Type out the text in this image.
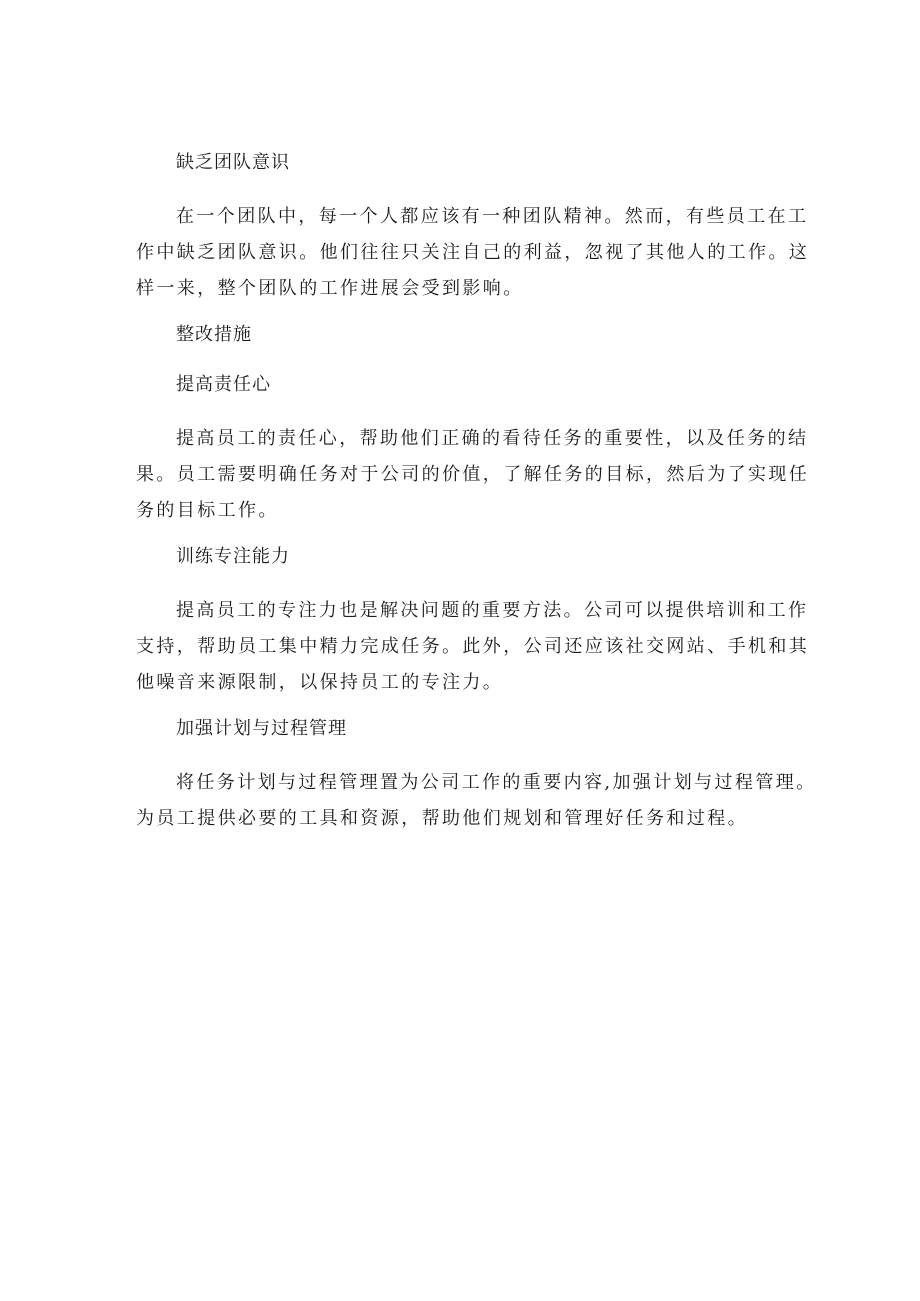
缺乏团队意识
在一个团队中，每一个人都应该有一种团队精神。然而，有些员工在工
作中缺乏团队意识。他们往往只关注自己的利益，忽视了其他人的工作。这
样一来，整个团队的工作进展会受到影响。
整改措施
提高责任心
提高员工的责任心，帮助他们正确的看待任务的重要性，以及任务的结
果。员工需要明确任务对于公司的价值，了解任务的目标，然后为了实现任
务的目标工作。
训练专注能力
提高员工的专注力也是解决问题的重要方法。公司可以提供培训和工作
支持，帮助员工集中精力完成任务。此外，公司还应该社交网站、手机和其
他噪音来源限制，以保持员工的专注力。
加强计划与过程管理
将任务计划与过程管理置为公司工作的重要内容,加强计划与过程管理。
为员工提供必要的工具和资源，帮助他们规划和管理好任务和过程。
